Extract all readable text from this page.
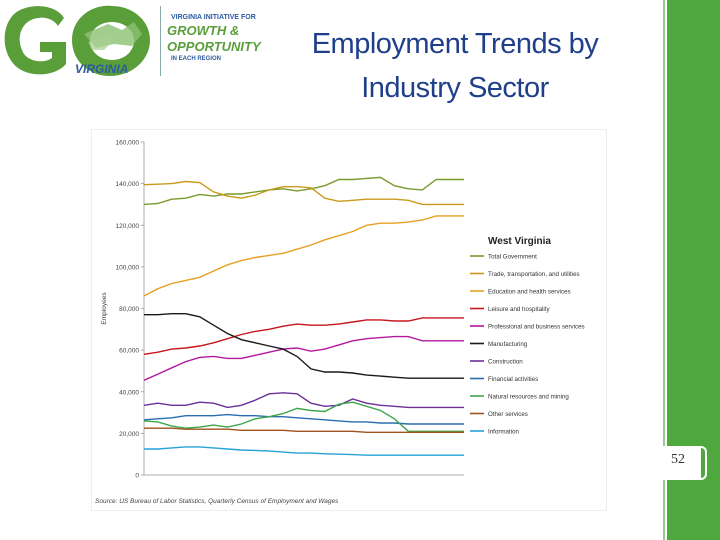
VIRGINIA
VIRGINIA INITIATIVE FOR
GROWTH &
OPPORTUNITY
IN EACH REGION	Employment Trends by
Industry Sector
52
0
20,000
40,000
60,000
80,000
100,000
120,000
140,000
160,000
Employees
West Virginia
Total Government
Trade, transportation, and utilities
Education and health services
Leisure and hospitality
Professional and business services
Manufacturing
Construction
Financial activities
Natural resources and mining
Other services
Information
Source: US Bureau of Labor Statistics, Quarterly Census of Employment and Wages
